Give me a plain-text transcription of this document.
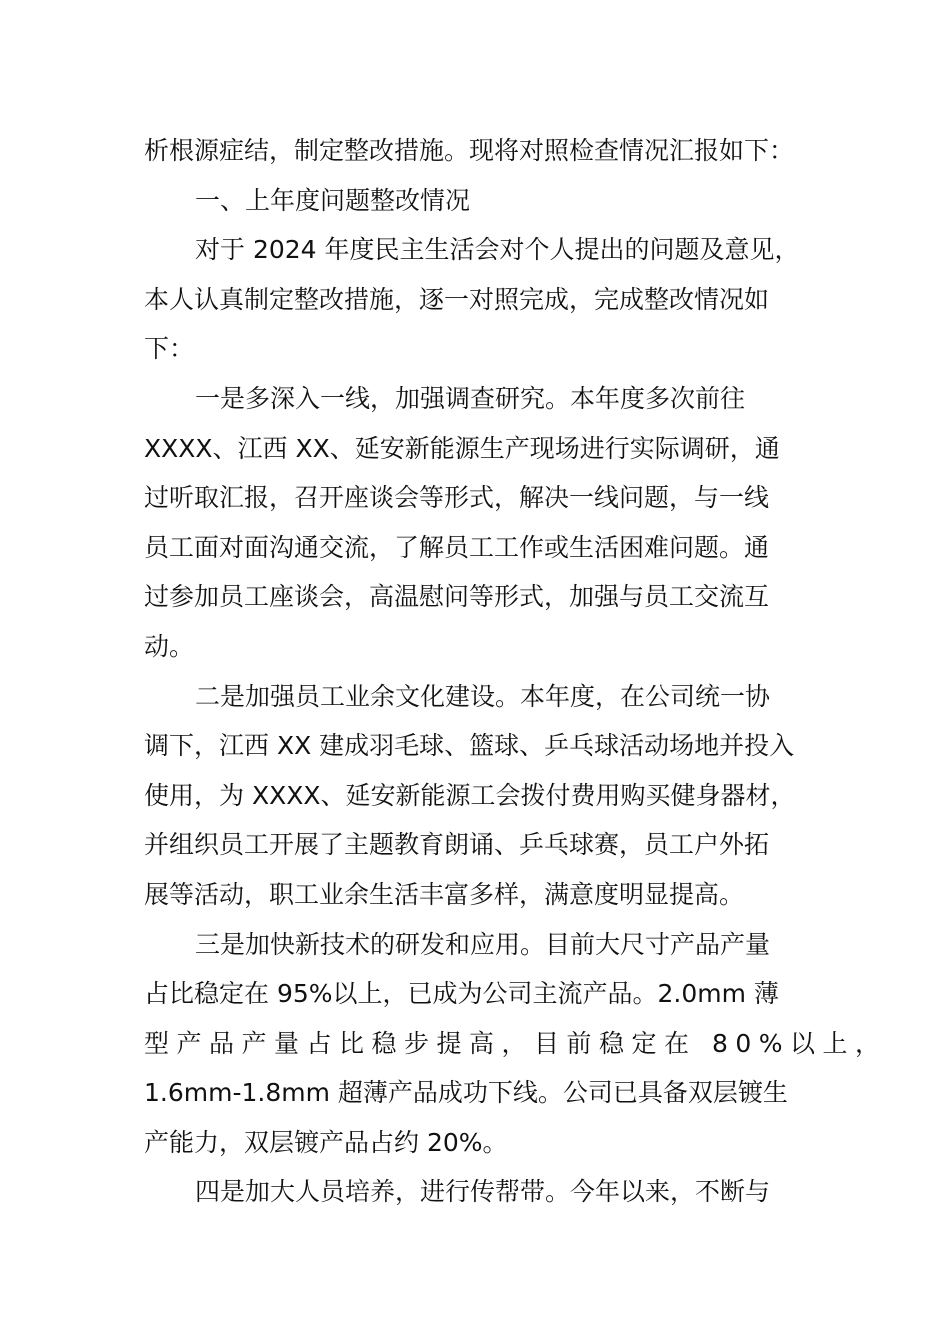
析根源症结，制定整改措施。现将对照检查情况汇报如下：
一、上年度问题整改情况
对于 2024 年度民主生活会对个人提出的问题及意见，
本人认真制定整改措施，逐一对照完成，完成整改情况如
下：
一是多深入一线，加强调查研究。本年度多次前往
XXXX、江西 XX、延安新能源生产现场进行实际调研，通
过听取汇报，召开座谈会等形式，解决一线问题，与一线
员工面对面沟通交流，了解员工工作或生活困难问题。通
过参加员工座谈会，高温慰问等形式，加强与员工交流互
动。
二是加强员工业余文化建设。本年度，在公司统一协
调下，江西 XX 建成羽毛球、篮球、乒乓球活动场地并投入
使用，为 XXXX、延安新能源工会拨付费用购买健身器材，
并组织员工开展了主题教育朗诵、乒乓球赛，员工户外拓
展等活动，职工业余生活丰富多样，满意度明显提高。
三是加快新技术的研发和应用。目前大尺寸产品产量
占比稳定在 95%以上，已成为公司主流产品。2.0mm 薄
型产品产量占比稳步提高，目前稳定在 80%以上，
1.6mm-1.8mm 超薄产品成功下线。公司已具备双层镀生
产能力，双层镀产品占约 20%。
四是加大人员培养，进行传帮带。今年以来，不断与
